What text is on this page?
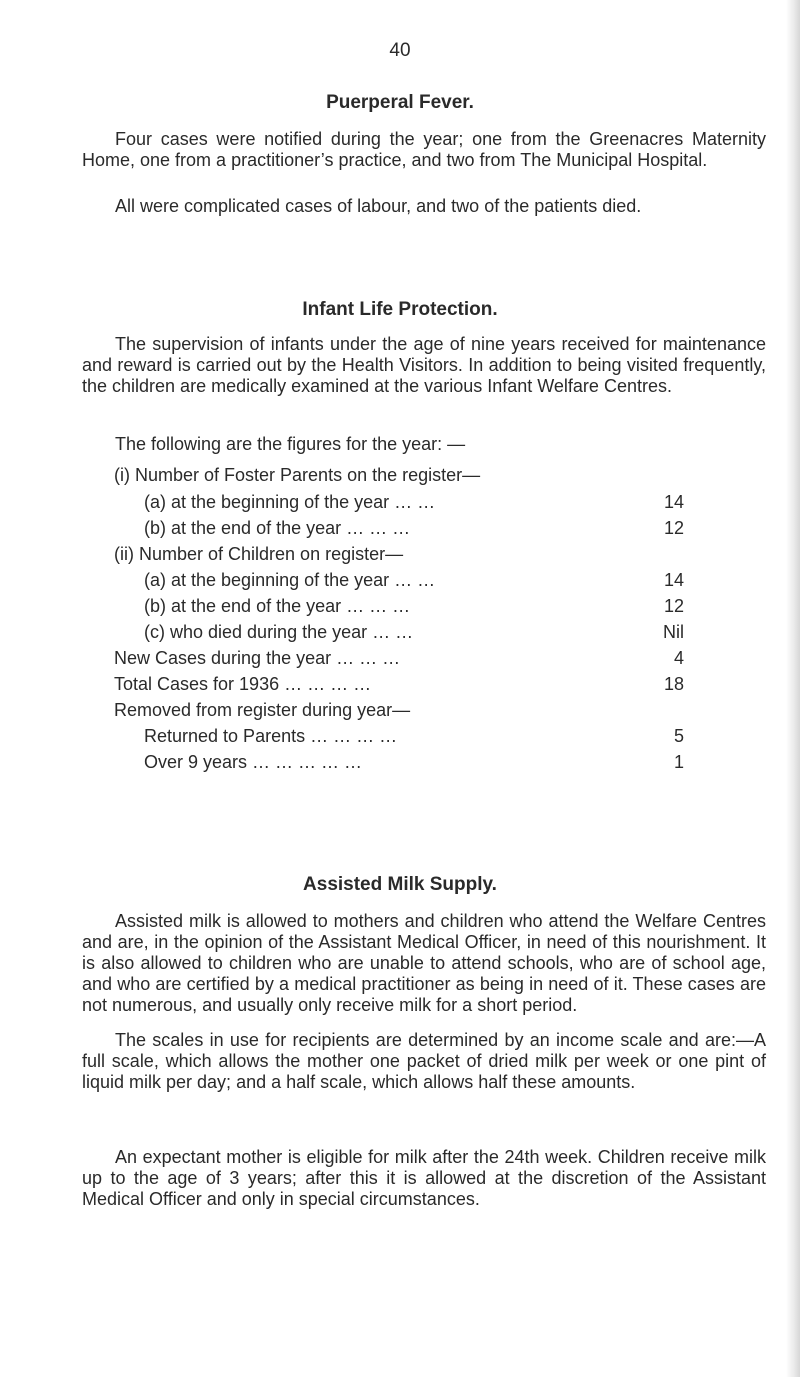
40
Puerperal Fever.

Four cases were notified during the year; one from the Greenacres Maternity Home, one from a practitioner’s practice, and two from The Municipal Hospital.

All were complicated cases of labour, and two of the patients died.

Infant Life Protection.

The supervision of infants under the age of nine years received for maintenance and reward is carried out by the Health Visitors. In addition to being visited frequently, the children are medically examined at the various Infant Welfare Centres.

The following are the figures for the year: —

(i) Number of Foster Parents on the register—
(a) at the beginning of the year … …	14
(b) at the end of the year … … …	12
(ii) Number of Children on register—
(a) at the beginning of the year … …	14
(b) at the end of the year … … …	12
(c) who died during the year … …	Nil
New Cases during the year … … …	4
Total Cases for 1936 … … … …	18
Removed from register during year—
Returned to Parents … … … …	5
Over 9 years … … … … …	1
Assisted Milk Supply.

Assisted milk is allowed to mothers and children who attend the Welfare Centres and are, in the opinion of the Assistant Medical Officer, in need of this nourishment. It is also allowed to children who are unable to attend schools, who are of school age, and who are certified by a medical practitioner as being in need of it. These cases are not numerous, and usually only receive milk for a short period.

The scales in use for recipients are determined by an income scale and are:—A full scale, which allows the mother one packet of dried milk per week or one pint of liquid milk per day; and a half scale, which allows half these amounts.

An expectant mother is eligible for milk after the 24th week. Children receive milk up to the age of 3 years; after this it is allowed at the discretion of the Assistant Medical Officer and only in special circumstances.
